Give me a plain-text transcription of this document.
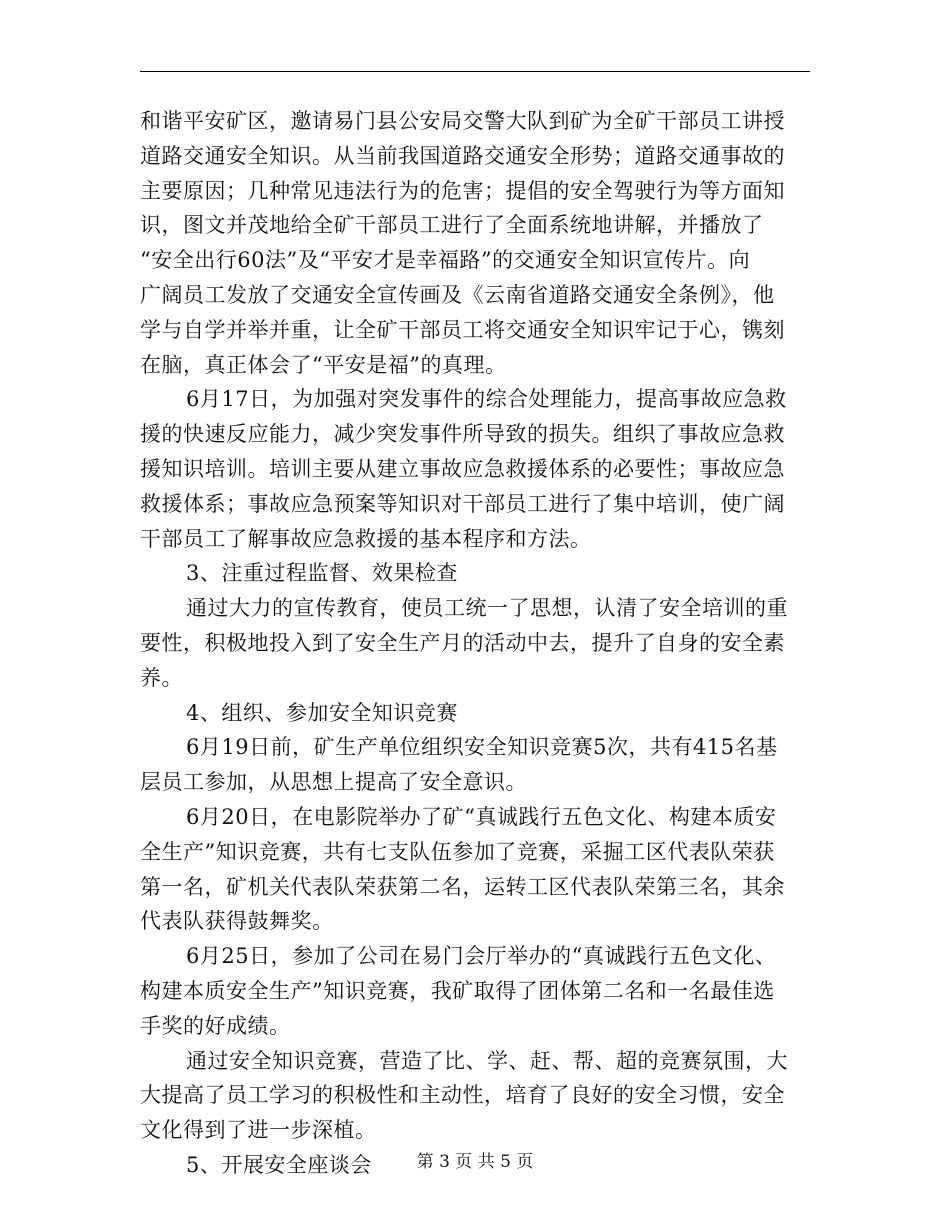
和谐平安矿区，邀请易门县公安局交警大队到矿为全矿干部员工讲授
道路交通安全知识。从当前我国道路交通安全形势；道路交通事故的
主要原因；几种常见违法行为的危害；提倡的安全驾驶行为等方面知
识，图文并茂地给全矿干部员工进行了全面系统地讲解，并播放了
“安全出行60法”及“平安才是幸福路”的交通安全知识宣传片。向
广阔员工发放了交通安全宣传画及《云南省道路交通安全条例》，他
学与自学并举并重，让全矿干部员工将交通安全知识牢记于心，镌刻
在脑，真正体会了“平安是福”的真理。
6月17日，为加强对突发事件的综合处理能力，提高事故应急救
援的快速反应能力，减少突发事件所导致的损失。组织了事故应急救
援知识培训。培训主要从建立事故应急救援体系的必要性；事故应急
救援体系；事故应急预案等知识对干部员工进行了集中培训，使广阔
干部员工了解事故应急救援的基本程序和方法。
3、注重过程监督、效果检查
通过大力的宣传教育，使员工统一了思想，认清了安全培训的重
要性，积极地投入到了安全生产月的活动中去，提升了自身的安全素
养。
4、组织、参加安全知识竞赛
6月19日前，矿生产单位组织安全知识竞赛5次，共有415名基
层员工参加，从思想上提高了安全意识。
6月20日，在电影院举办了矿“真诚践行五色文化、构建本质安
全生产”知识竞赛，共有七支队伍参加了竞赛，采掘工区代表队荣获
第一名，矿机关代表队荣获第二名，运转工区代表队荣第三名，其余
代表队获得鼓舞奖。
6月25日，参加了公司在易门会厅举办的“真诚践行五色文化、
构建本质安全生产”知识竞赛，我矿取得了团体第二名和一名最佳选
手奖的好成绩。
通过安全知识竞赛，营造了比、学、赶、帮、超的竞赛氛围，大
大提高了员工学习的积极性和主动性，培育了良好的安全习惯，安全
文化得到了进一步深植。
5、开展安全座谈会	第 3 页 共 5 页
